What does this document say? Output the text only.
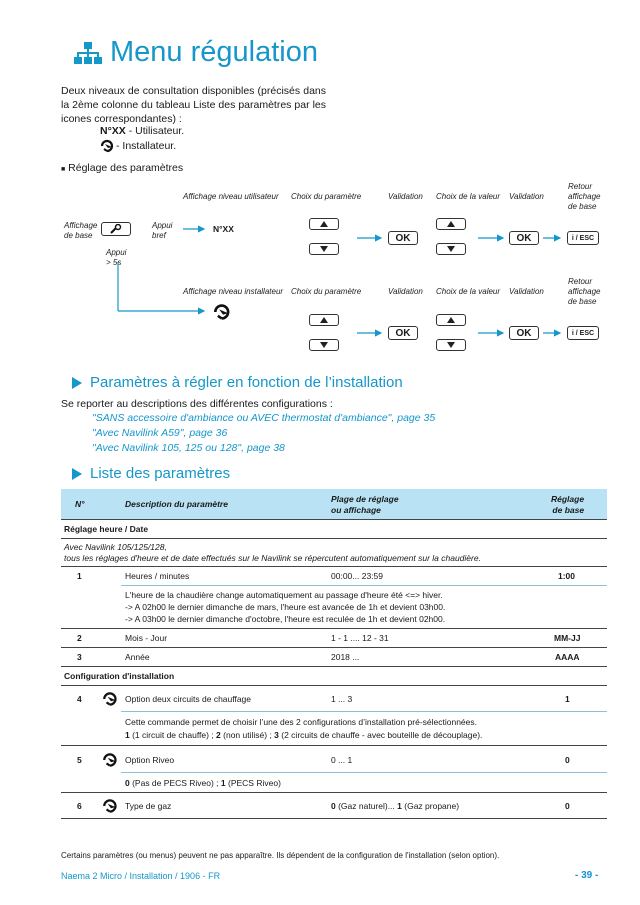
Menu régulation
Deux niveaux de consultation disponibles (précisés dans la 2ème colonne du tableau Liste des paramètres par les icones correspondantes) :
N°XX - Utilisateur.
- Installateur.
■ Réglage des paramètres
Affichage niveau utilisateur Choix du paramètre	Validation Choix de la valeur Validation
Retour
affichage
de base
Affichage
de base
Appui
bref
Appui
> 5s
N°XX
OK	OK	i / ESC
Affichage niveau installateur Choix du paramètre	Validation Choix de la valeur Validation
Retour
affichage
de base
OK	OK	i / ESC
Paramètres à régler en fonction de l’installation
Se reporter au descriptions des différentes configurations :
"SANS accessoire d'ambiance ou AVEC thermostat d'ambiance", page 35
"Avec Navilink A59", page 36
"Avec Navilink 105, 125 ou 128", page 38
Liste des paramètres
N°	Description du paramètre	Plage de réglage
ou affichage
Réglage
de base
Réglage heure / Date
Avec Navilink 105/125/128,
tous les réglages d'heure et de date effectués sur le Navilink se répercutent automatiquement sur la chaudière.
1	Heures / minutes	00:00... 23:59	1:00
L'heure de la chaudière change automatiquement au passage d'heure été <=> hiver.
-> A 02h00 le dernier dimanche de mars, l'heure est avancée de 1h et devient 03h00.
-> A 03h00 le dernier dimanche d'octobre, l'heure est reculée de 1h et devient 02h00.
2	Mois - Jour	1 - 1 .... 12 - 31	MM-JJ
3	Année	2018 ...	AAAA
Configuration d'installation
4	Option deux circuits de chauffage	1 ... 3	1
Cette commande permet de choisir l’une des 2 configurations d’installation pré-sélectionnées.
1 (1 circuit de chauffe) ; 2 (non utilisé) ; 3 (2 circuits de chauffe - avec bouteille de découplage).
5	Option Riveo	0 ... 1	0
0 (Pas de PECS Riveo) ; 1 (PECS Riveo)
6	Type de gaz	0 (Gaz naturel)... 1 (Gaz propane)	0
Certains paramètres (ou menus) peuvent ne pas apparaître. Ils dépendent de la configuration de l'installation (selon option).
Naema 2 Micro / Installation / 1906 - FR	- 39 -
